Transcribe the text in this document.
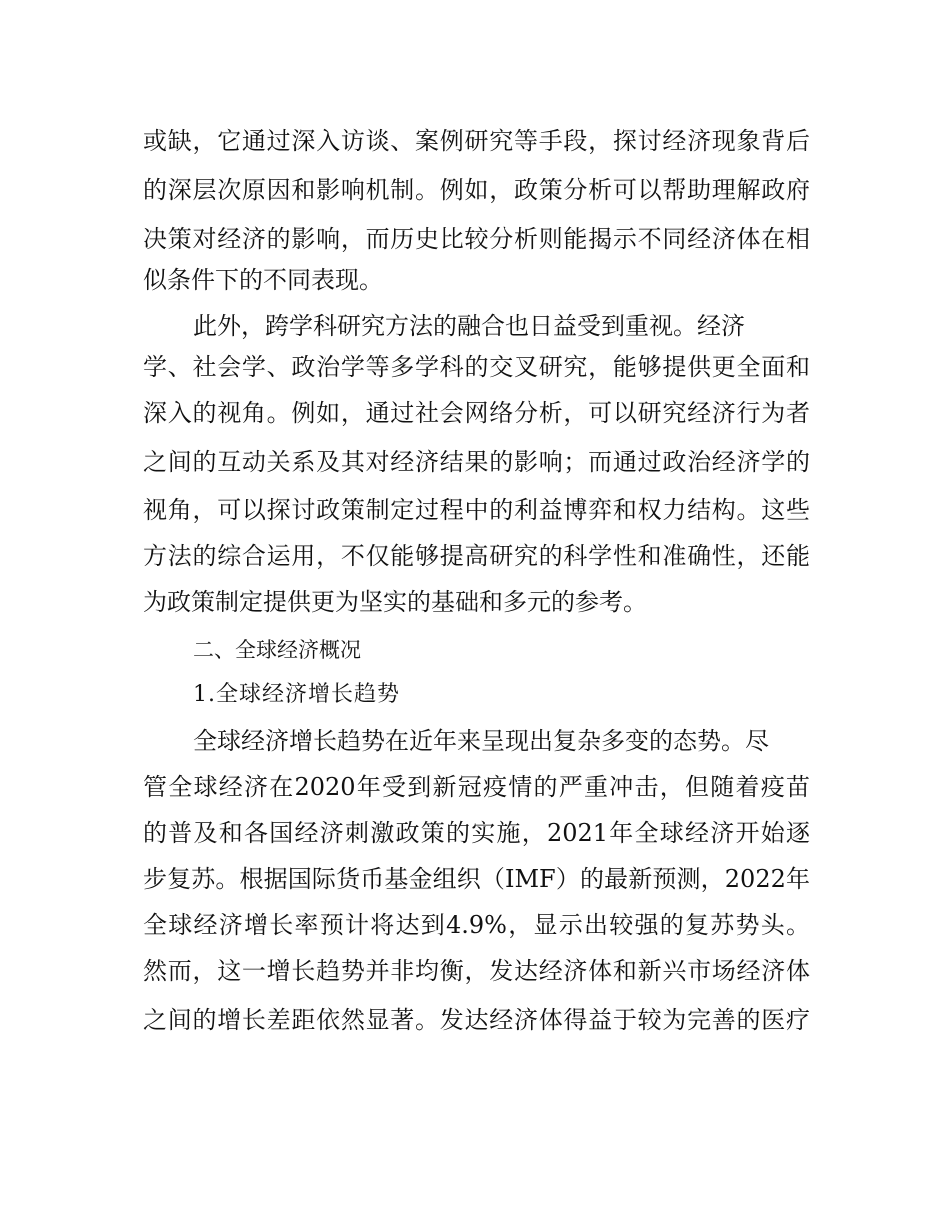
或缺，它通过深入访谈、案例研究等手段，探讨经济现象背后
的深层次原因和影响机制。例如，政策分析可以帮助理解政府
决策对经济的影响，而历史比较分析则能揭示不同经济体在相
似条件下的不同表现。
此外，跨学科研究方法的融合也日益受到重视。经济
学、社会学、政治学等多学科的交叉研究，能够提供更全面和
深入的视角。例如，通过社会网络分析，可以研究经济行为者
之间的互动关系及其对经济结果的影响；而通过政治经济学的
视角，可以探讨政策制定过程中的利益博弈和权力结构。这些
方法的综合运用，不仅能够提高研究的科学性和准确性，还能
为政策制定提供更为坚实的基础和多元的参考。
二、全球经济概况
1.全球经济增长趋势
全球经济增长趋势在近年来呈现出复杂多变的态势。尽
管全球经济在2020年受到新冠疫情的严重冲击，但随着疫苗
的普及和各国经济刺激政策的实施，2021年全球经济开始逐
步复苏。根据国际货币基金组织（IMF）的最新预测，2022年
全球经济增长率预计将达到4.9%，显示出较强的复苏势头。
然而，这一增长趋势并非均衡，发达经济体和新兴市场经济体
之间的增长差距依然显著。发达经济体得益于较为完善的医疗
